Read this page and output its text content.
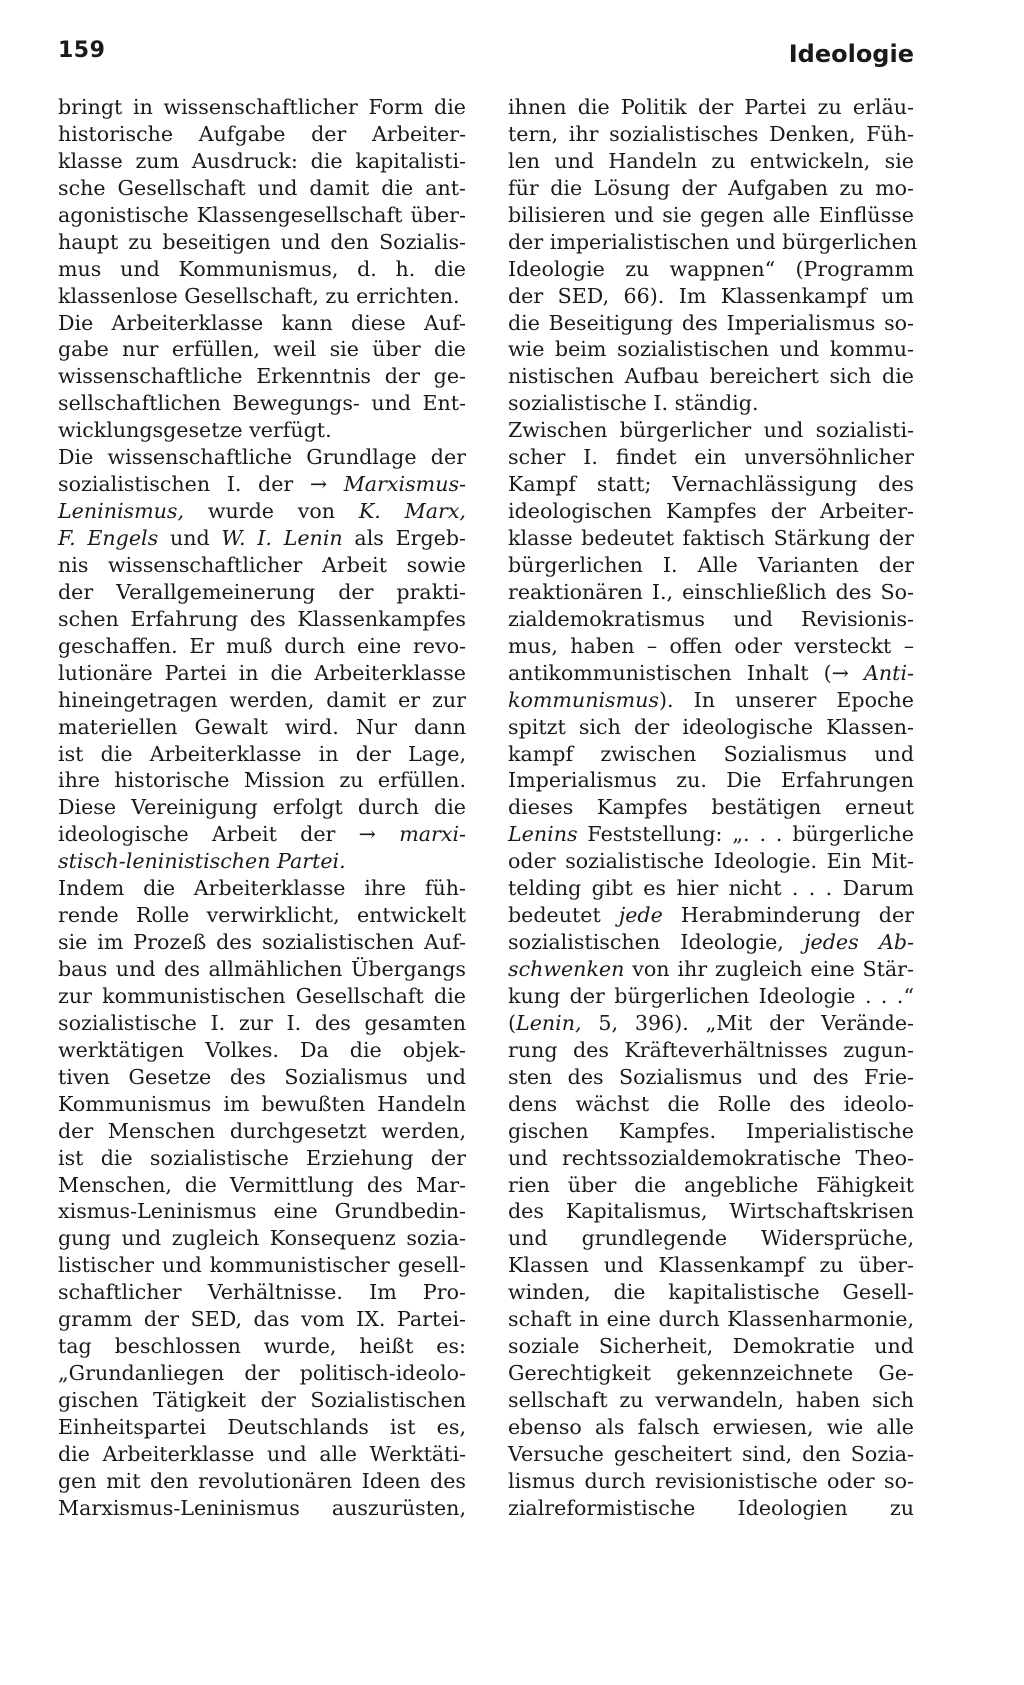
159	Ideologie
bringt in wissenschaftlicher Form die
historische Aufgabe der Arbeiter-
klasse zum Ausdruck: die kapitalisti-
sche Gesellschaft und damit die ant-
agonistische Klassengesellschaft über-
haupt zu beseitigen und den Sozialis-
mus und Kommunismus, d. h. die
klassenlose Gesellschaft, zu errichten.
Die Arbeiterklasse kann diese Auf-
gabe nur erfüllen, weil sie über die
wissenschaftliche Erkenntnis der ge-
sellschaftlichen Bewegungs- und Ent-
wicklungsgesetze verfügt.
Die wissenschaftliche Grundlage der
sozialistischen I. der → Marxismus-
Leninismus, wurde von K. Marx,
F. Engels und W. I. Lenin als Ergeb-
nis wissenschaftlicher Arbeit sowie
der Verallgemeinerung der prakti-
schen Erfahrung des Klassenkampfes
geschaffen. Er muß durch eine revo-
lutionäre Partei in die Arbeiterklasse
hineingetragen werden, damit er zur
materiellen Gewalt wird. Nur dann
ist die Arbeiterklasse in der Lage,
ihre historische Mission zu erfüllen.
Diese Vereinigung erfolgt durch die
ideologische Arbeit der → marxi-
stisch-leninistischen Partei.
Indem die Arbeiterklasse ihre füh-
rende Rolle verwirklicht, entwickelt
sie im Prozeß des sozialistischen Auf-
baus und des allmählichen Übergangs
zur kommunistischen Gesellschaft die
sozialistische I. zur I. des gesamten
werktätigen Volkes. Da die objek-
tiven Gesetze des Sozialismus und
Kommunismus im bewußten Handeln
der Menschen durchgesetzt werden,
ist die sozialistische Erziehung der
Menschen, die Vermittlung des Mar-
xismus-Leninismus eine Grundbedin-
gung und zugleich Konsequenz sozia-
listischer und kommunistischer gesell-
schaftlicher Verhältnisse. Im Pro-
gramm der SED, das vom IX. Partei-
tag beschlossen wurde, heißt es:
„Grundanliegen der politisch-ideolo-
gischen Tätigkeit der Sozialistischen
Einheitspartei Deutschlands ist es,
die Arbeiterklasse und alle Werktäti-
gen mit den revolutionären Ideen des
Marxismus-Leninismus auszurüsten,
ihnen die Politik der Partei zu erläu-
tern, ihr sozialistisches Denken, Füh-
len und Handeln zu entwickeln, sie
für die Lösung der Aufgaben zu mo-
bilisieren und sie gegen alle Einflüsse
der imperialistischen und bürgerlichen
Ideologie zu wappnen“ (Programm
der SED, 66). Im Klassenkampf um
die Beseitigung des Imperialismus so-
wie beim sozialistischen und kommu-
nistischen Aufbau bereichert sich die
sozialistische I. ständig.
Zwischen bürgerlicher und sozialisti-
scher I. findet ein unversöhnlicher
Kampf statt; Vernachlässigung des
ideologischen Kampfes der Arbeiter-
klasse bedeutet faktisch Stärkung der
bürgerlichen I. Alle Varianten der
reaktionären I., einschließlich des So-
zialdemokratismus und Revisionis-
mus, haben – offen oder versteckt –
antikommunistischen Inhalt (→ Anti-
kommunismus). In unserer Epoche
spitzt sich der ideologische Klassen-
kampf zwischen Sozialismus und
Imperialismus zu. Die Erfahrungen
dieses Kampfes bestätigen erneut
Lenins Feststellung: „. . . bürgerliche
oder sozialistische Ideologie. Ein Mit-
telding gibt es hier nicht . . . Darum
bedeutet jede Herabminderung der
sozialistischen Ideologie, jedes Ab-
schwenken von ihr zugleich eine Stär-
kung der bürgerlichen Ideologie . . .“
(Lenin, 5, 396). „Mit der Verände-
rung des Kräfteverhältnisses zugun-
sten des Sozialismus und des Frie-
dens wächst die Rolle des ideolo-
gischen Kampfes. Imperialistische
und rechtssozialdemokratische Theo-
rien über die angebliche Fähigkeit
des Kapitalismus, Wirtschaftskrisen
und grundlegende Widersprüche,
Klassen und Klassenkampf zu über-
winden, die kapitalistische Gesell-
schaft in eine durch Klassenharmonie,
soziale Sicherheit, Demokratie und
Gerechtigkeit gekennzeichnete Ge-
sellschaft zu verwandeln, haben sich
ebenso als falsch erwiesen, wie alle
Versuche gescheitert sind, den Sozia-
lismus durch revisionistische oder so-
zialreformistische Ideologien zu
